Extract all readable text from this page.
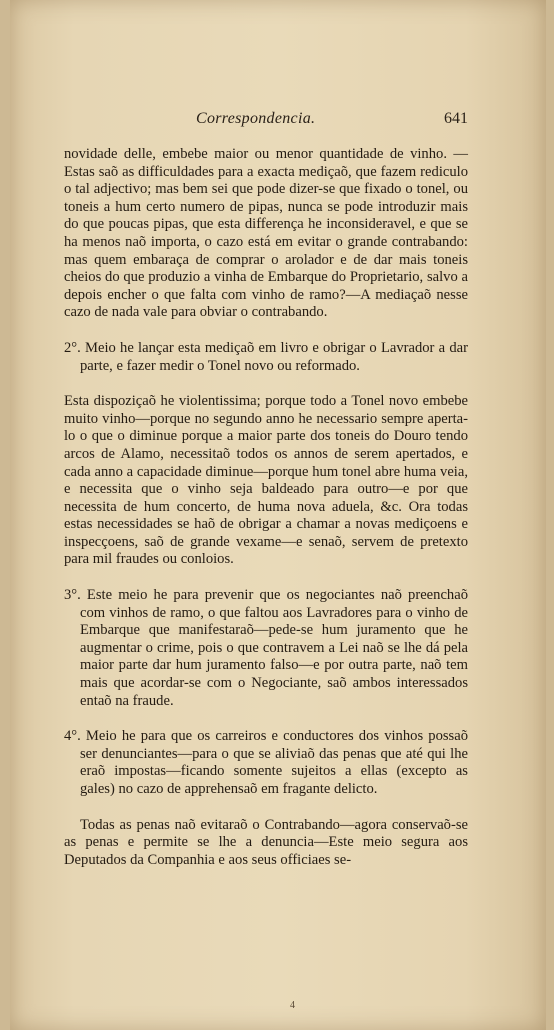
Correspondencia.	641

novidade delle, embebe maior ou menor quantidade de vinho. — Estas saõ as difficuldades para a exacta mediçaõ, que fazem rediculo o tal adjectivo; mas bem sei que pode dizer-se que fixado o tonel, ou toneis a hum certo numero de pipas, nunca se pode introduzir mais do que poucas pipas, que esta differença he inconsideravel, e que se ha menos naõ importa, o cazo está em evitar o grande contrabando: mas quem embaraça de comprar o arolador e de dar mais toneis cheios do que produzio a vinha de Embarque do Proprietario, salvo a depois encher o que falta com vinho de ramo?—A mediaçaõ nesse cazo de nada vale para obviar o contrabando.

2°. Meio he lançar esta mediçaõ em livro e obrigar o Lavrador a dar parte, e fazer medir o Tonel novo ou reformado.

Esta dispoziçaõ he violentissima; porque todo a Tonel novo embebe muito vinho—porque no segundo anno he necessario sempre aperta-lo o que o diminue porque a maior parte dos toneis do Douro tendo arcos de Alamo, necessitaõ todos os annos de serem apertados, e cada anno a capacidade diminue—porque hum tonel abre huma veia, e necessita que o vinho seja baldeado para outro—e por que necessita de hum concerto, de huma nova aduela, &c. Ora todas estas necessidades se haõ de obrigar a chamar a novas mediçoens e inspecçoens, saõ de grande vexame—e senaõ, servem de pretexto para mil fraudes ou conloios.

3°. Este meio he para prevenir que os negociantes naõ preenchaõ com vinhos de ramo, o que faltou aos Lavradores para o vinho de Embarque que manifestaraõ—pede-se hum juramento que he augmentar o crime, pois o que contravem a Lei naõ se lhe dá pela maior parte dar hum juramento falso—e por outra parte, naõ tem mais que acordar-se com o Negociante, saõ ambos interessados entaõ na fraude.

4°. Meio he para que os carreiros e conductores dos vinhos possaõ ser denunciantes—para o que se aliviaõ das penas que até qui lhe eraõ impostas—ficando somente sujeitos a ellas (excepto as gales) no cazo de apprehensaõ em fragante delicto.

Todas as penas naõ evitaraõ o Contrabando—agora conservaõ-se as penas e permite se lhe a denuncia—Este meio segura aos Deputados da Companhia e aos seus officiaes se-

4
